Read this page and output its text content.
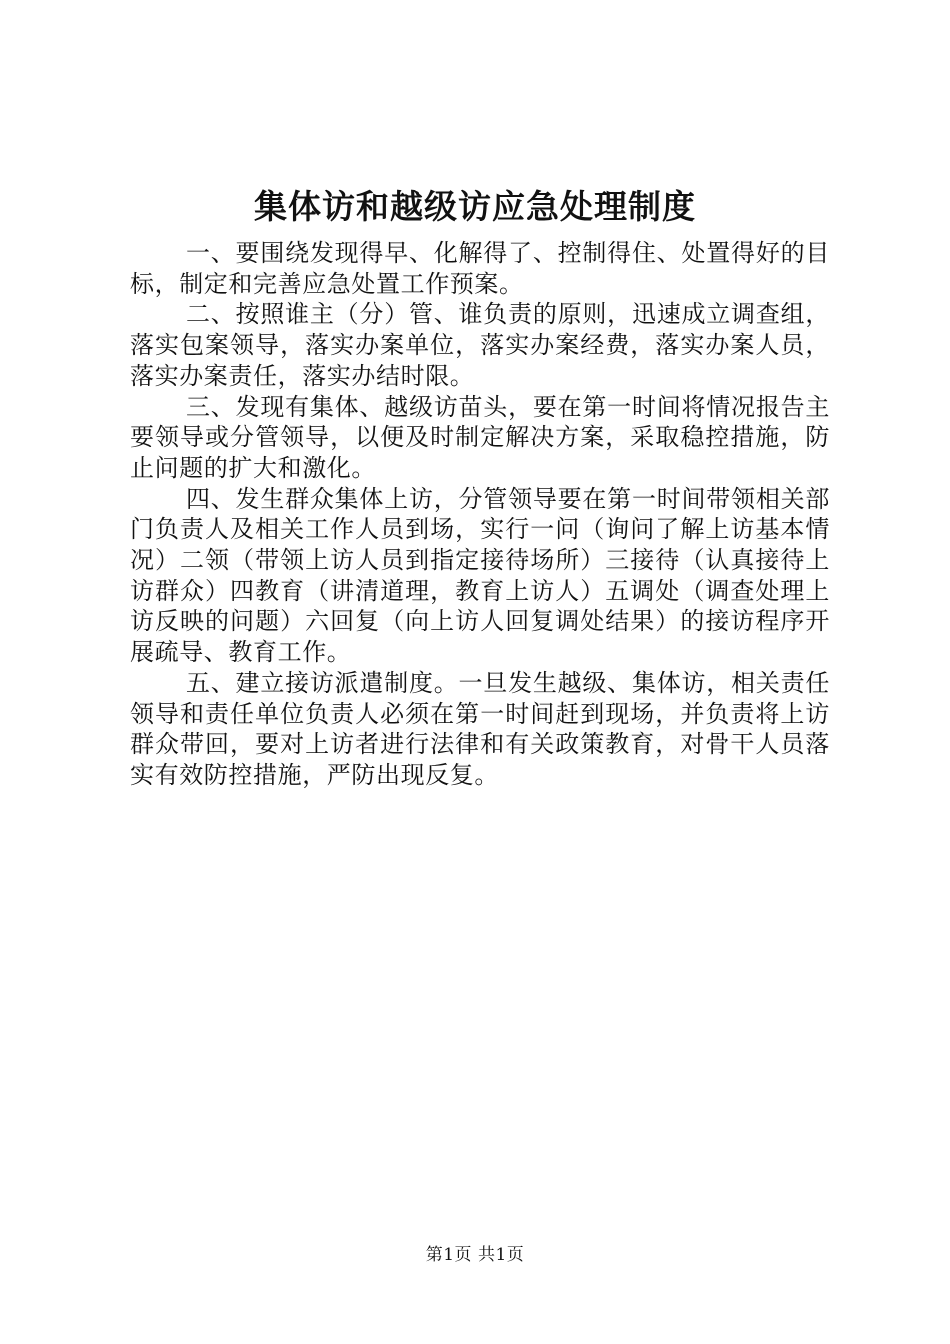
集体访和越级访应急处理制度

一、要围绕发现得早、化解得了、控制得住、处置得好的目标，制定和完善应急处置工作预案。

二、按照谁主（分）管、谁负责的原则，迅速成立调查组，落实包案领导，落实办案单位，落实办案经费，落实办案人员，落实办案责任，落实办结时限。

三、发现有集体、越级访苗头，要在第一时间将情况报告主要领导或分管领导，以便及时制定解决方案，采取稳控措施，防止问题的扩大和激化。

四、发生群众集体上访，分管领导要在第一时间带领相关部门负责人及相关工作人员到场，实行一问（询问了解上访基本情况）二领（带领上访人员到指定接待场所）三接待（认真接待上访群众）四教育（讲清道理，教育上访人）五调处（调查处理上访反映的问题）六回复（向上访人回复调处结果）的接访程序开展疏导、教育工作。

五、建立接访派遣制度。一旦发生越级、集体访，相关责任领导和责任单位负责人必须在第一时间赶到现场，并负责将上访群众带回，要对上访者进行法律和有关政策教育，对骨干人员落实有效防控措施，严防出现反复。

第1页 共1页
